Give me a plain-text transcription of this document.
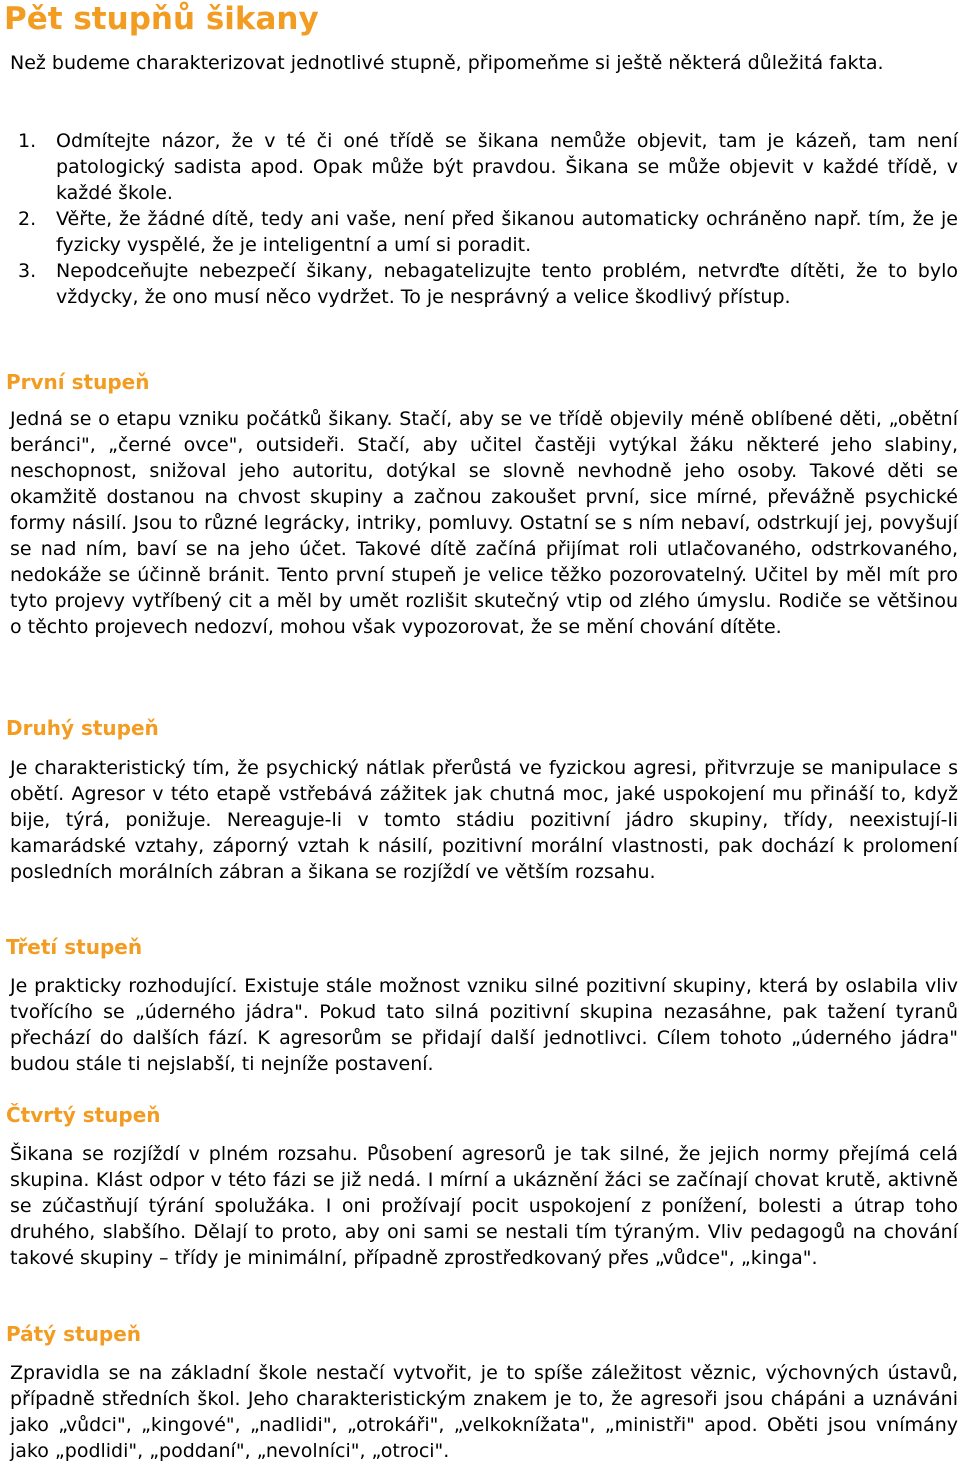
Pět stupňů šikany

Než budeme charakterizovat jednotlivé stupně, připomeňme si ještě některá důležitá fakta.

1. Odmítejte názor, že v té či oné třídě se šikana nemůže objevit, tam je kázeň, tam není patologický sadista apod. Opak může být pravdou. Šikana se může objevit v každé třídě, v každé škole.
2. Věřte, že žádné dítě, tedy ani vaše, není před šikanou automaticky ochráněno např. tím, že je fyzicky vyspělé, že je inteligentní a umí si poradit.
3. Nepodceňujte nebezpečí šikany, nebagatelizujte tento problém, netvrďte dítěti, že to bylo vždycky, že ono musí něco vydržet. To je nesprávný a velice škodlivý přístup.
První stupeň

Jedná se o etapu vzniku počátků šikany. Stačí, aby se ve třídě objevily méně oblíbené děti, „obětní beránci", „černé ovce", outsideři. Stačí, aby učitel častěji vytýkal žáku některé jeho slabiny, neschopnost, snižoval jeho autoritu, dotýkal se slovně nevhodně jeho osoby. Takové děti se okamžitě dostanou na chvost skupiny a začnou zakoušet první, sice mírné, převážně psychické formy násilí. Jsou to různé legrácky, intriky, pomluvy. Ostatní se s ním nebaví, odstrkují jej, povyšují se nad ním, baví se na jeho účet. Takové dítě začíná přijímat roli utlačovaného, odstrkovaného, nedokáže se účinně bránit. Tento první stupeň je velice těžko pozorovatelný. Učitel by měl mít pro tyto projevy vytříbený cit a měl by umět rozlišit skutečný vtip od zlého úmyslu. Rodiče se většinou o těchto projevech nedozví, mohou však vypozorovat, že se mění chování dítěte.

Druhý stupeň

Je charakteristický tím, že psychický nátlak přerůstá ve fyzickou agresi, přitvrzuje se manipulace s obětí. Agresor v této etapě vstřebává zážitek jak chutná moc, jaké uspokojení mu přináší to, když bije, týrá, ponižuje. Nereaguje-li v tomto stádiu pozitivní jádro skupiny, třídy, neexistují-li kamarádské vztahy, záporný vztah k násilí, pozitivní morální vlastnosti, pak dochází k prolomení posledních morálních zábran a šikana se rozjíždí ve větším rozsahu.

Třetí stupeň

Je prakticky rozhodující. Existuje stále možnost vzniku silné pozitivní skupiny, která by oslabila vliv tvořícího se „úderného jádra". Pokud tato silná pozitivní skupina nezasáhne, pak tažení tyranů přechází do dalších fází. K agresorům se přidají další jednotlivci. Cílem tohoto „úderného jádra" budou stále ti nejslabší, ti nejníže postavení.

Čtvrtý stupeň

Šikana se rozjíždí v plném rozsahu. Působení agresorů je tak silné, že jejich normy přejímá celá skupina. Klást odpor v této fázi se již nedá. I mírní a ukáznění žáci se začínají chovat krutě, aktivně se zúčastňují týrání spolužáka. I oni prožívají pocit uspokojení z ponížení, bolesti a útrap toho druhého, slabšího. Dělají to proto, aby oni sami se nestali tím týraným. Vliv pedagogů na chování takové skupiny – třídy je minimální, případně zprostředkovaný přes „vůdce", „kinga".

Pátý stupeň

Zpravidla se na základní škole nestačí vytvořit, je to spíše záležitost věznic, výchovných ústavů, případně středních škol. Jeho charakteristickým znakem je to, že agresoři jsou chápáni a uznáváni jako „vůdci", „kingové", „nadlidi", „otrokáři", „velkoknížata", „ministři" apod. Oběti jsou vnímány jako „podlidi", „poddaní", „nevolníci", „otroci".
